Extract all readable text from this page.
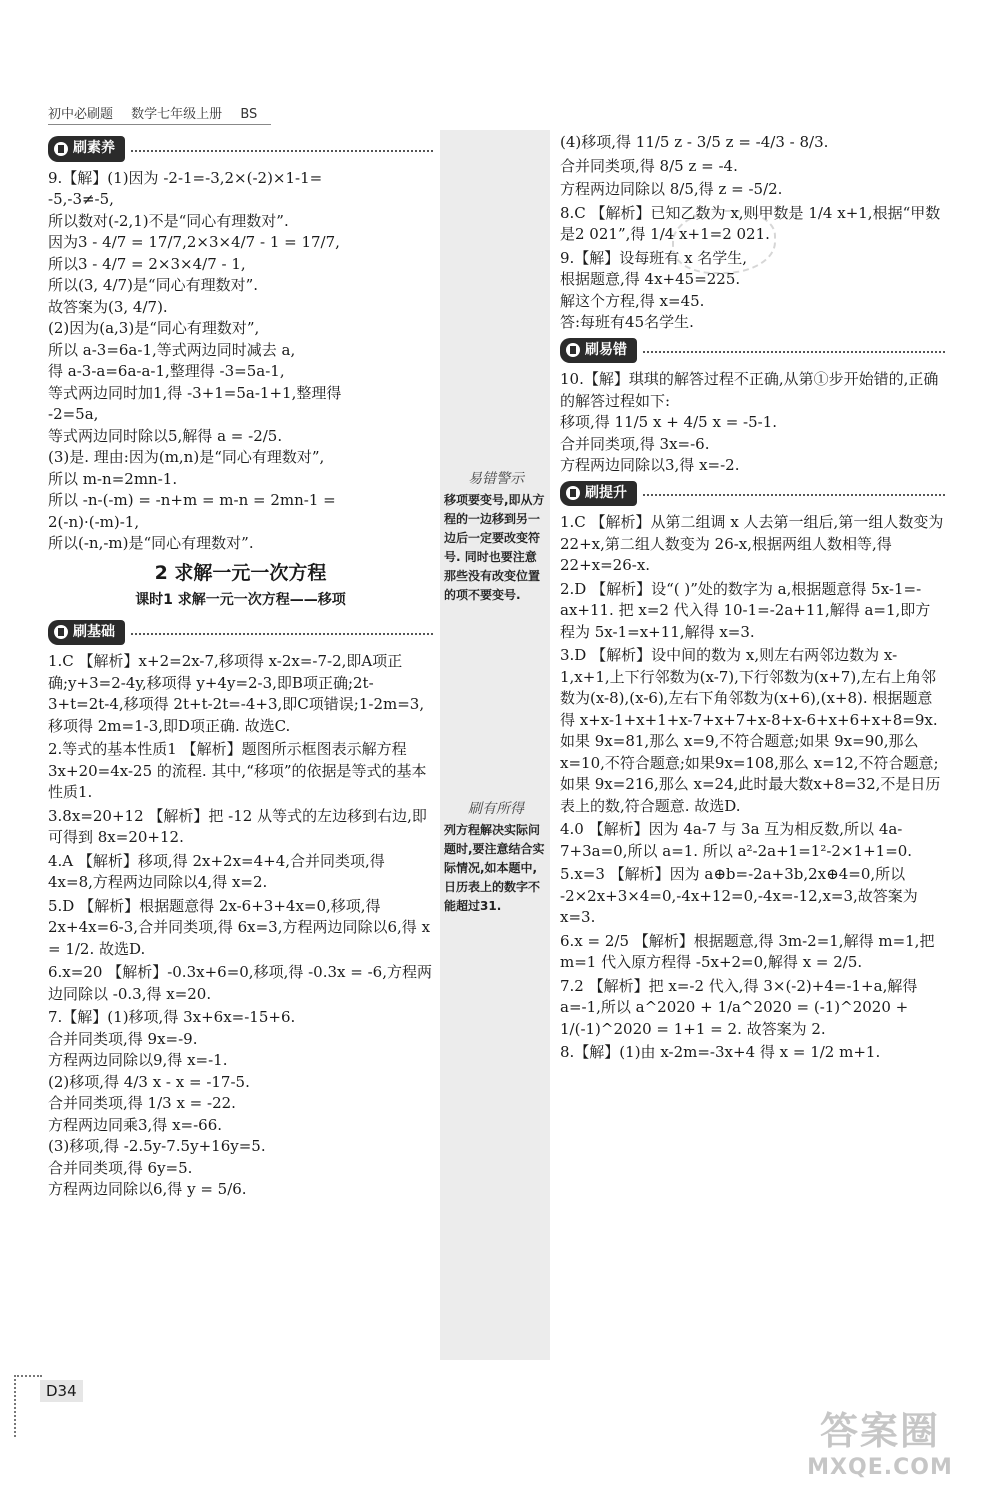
初中必刷题 数学七年级上册 BS
刷素养

9.【解】(1)因为 -2-1=-3,2×(-2)×1-1=

-5,-3≠-5,

所以数对(-2,1)不是“同心有理数对”.

因为3 - 4/7 = 17/7,2×3×4/7 - 1 = 17/7,

所以3 - 4/7 = 2×3×4/7 - 1,

所以(3, 4/7)是“同心有理数对”.

故答案为(3, 4/7).

(2)因为(a,3)是“同心有理数对”,

所以 a-3=6a-1,等式两边同时减去 a,

得 a-3-a=6a-a-1,整理得 -3=5a-1,

等式两边同时加1,得 -3+1=5a-1+1,整理得

-2=5a,

等式两边同时除以5,解得 a = -2/5.

(3)是. 理由:因为(m,n)是“同心有理数对”,

所以 m-n=2mn-1.

所以 -n-(-m) = -n+m = m-n = 2mn-1 =

2(-n)·(-m)-1,

所以(-n,-m)是“同心有理数对”.

2 求解一元一次方程
课时1 求解一元一次方程——移项
刷基础

1.C 【解析】x+2=2x-7,移项得 x-2x=-7-2,即A项正确;y+3=2-4y,移项得 y+4y=2-3,即B项正确;2t-3+t=2t-4,移项得 2t+t-2t=-4+3,即C项错误;1-2m=3,移项得 2m=1-3,即D项正确. 故选C.

2.等式的基本性质1 【解析】题图所示框图表示解方程3x+20=4x-25 的流程. 其中,“移项”的依据是等式的基本性质1.

3.8x=20+12 【解析】把 -12 从等式的左边移到右边,即可得到 8x=20+12.

4.A 【解析】移项,得 2x+2x=4+4,合并同类项,得 4x=8,方程两边同除以4,得 x=2.

5.D 【解析】根据题意得 2x-6+3+4x=0,移项,得 2x+4x=6-3,合并同类项,得 6x=3,方程两边同除以6,得 x = 1/2. 故选D.

6.x=20 【解析】-0.3x+6=0,移项,得 -0.3x = -6,方程两边同除以 -0.3,得 x=20.

7.【解】(1)移项,得 3x+6x=-15+6.
合并同类项,得 9x=-9.
方程两边同除以9,得 x=-1.
(2)移项,得 4/3 x - x = -17-5.
合并同类项,得 1/3 x = -22.
方程两边同乘3,得 x=-66.
(3)移项,得 -2.5y-7.5y+16y=5.
合并同类项,得 6y=5.
方程两边同除以6,得 y = 5/6.

易错警示
移项要变号,即从方程的一边移到另一边后一定要改变符号. 同时也要注意那些没有改变位置的项不要变号.
刷有所得
列方程解决实际问题时,要注意结合实际情况,如本题中,日历表上的数字不能超过31.

(4)移项,得 11/5 z - 3/5 z = -4/3 - 8/3.

合并同类项,得 8/5 z = -4.

方程两边同除以 8/5,得 z = -5/2.

8.C 【解析】已知乙数为 x,则甲数是 1/4 x+1,根据“甲数是2 021”,得 1/4 x+1=2 021.

9.【解】设每班有 x 名学生,
根据题意,得 4x+45=225.
解这个方程,得 x=45.
答:每班有45名学生.

刷易错

10.【解】琪琪的解答过程不正确,从第①步开始错的,正确的解答过程如下:
移项,得 11/5 x + 4/5 x = -5-1.
合并同类项,得 3x=-6.
方程两边同除以3,得 x=-2.

刷提升

1.C 【解析】从第二组调 x 人去第一组后,第一组人数变为 22+x,第二组人数变为 26-x,根据两组人数相等,得 22+x=26-x.

2.D 【解析】设“( )”处的数字为 a,根据题意得 5x-1=-ax+11. 把 x=2 代入得 10-1=-2a+11,解得 a=1,即方程为 5x-1=x+11,解得 x=3.

3.D 【解析】设中间的数为 x,则左右两邻边数为 x-1,x+1,上下行邻数为(x-7),下行邻数为(x+7),左右上角邻数为(x-8),(x-6),左右下角邻数为(x+6),(x+8). 根据题意得 x+x-1+x+1+x-7+x+7+x-8+x-6+x+6+x+8=9x. 如果 9x=81,那么 x=9,不符合题意;如果 9x=90,那么 x=10,不符合题意;如果9x=108,那么 x=12,不符合题意;如果 9x=216,那么 x=24,此时最大数x+8=32,不是日历表上的数,符合题意. 故选D.

4.0 【解析】因为 4a-7 与 3a 互为相反数,所以 4a-7+3a=0,所以 a=1. 所以 a²-2a+1=1²-2×1+1=0.

5.x=3 【解析】因为 a⊕b=-2a+3b,2x⊕4=0,所以 -2×2x+3×4=0,-4x+12=0,-4x=-12,x=3,故答案为 x=3.

6.x = 2/5 【解析】根据题意,得 3m-2=1,解得 m=1,把m=1 代入原方程得 -5x+2=0,解得 x = 2/5.

7.2 【解析】把 x=-2 代入,得 3×(-2)+4=-1+a,解得 a=-1,所以 a^2020 + 1/a^2020 = (-1)^2020 + 1/(-1)^2020 = 1+1 = 2. 故答案为 2.

8.【解】(1)由 x-2m=-3x+4 得 x = 1/2 m+1.

D34
答案圈
MXQE.COM
